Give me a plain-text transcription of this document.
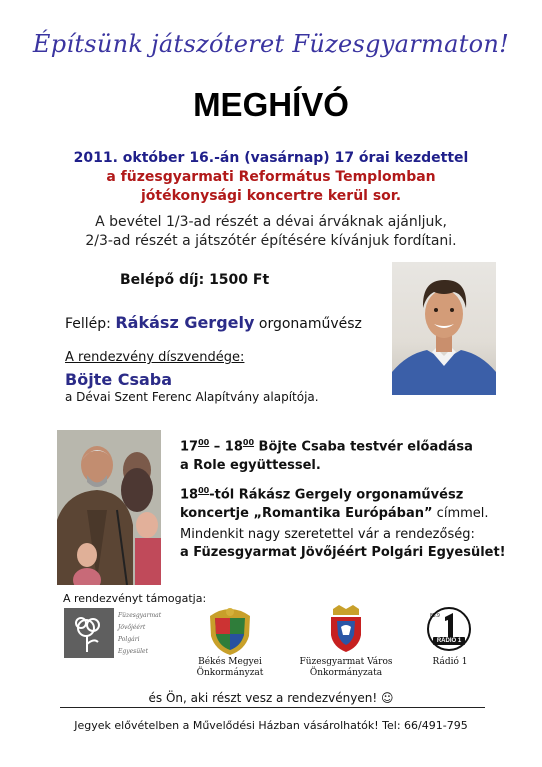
Építsünk játszóteret Füzesgyarmaton!
MEGHÍVÓ
2011. október 16.-án (vasárnap) 17 órai kezdettel
a füzesgyarmati Református Templomban
jótékonysági koncertre kerül sor.
A bevétel 1/3-ad részét a dévai árváknak ajánljuk,
2/3-ad részét a játszótér építésére kívánjuk fordítani.
Belépő díj: 1500 Ft
Fellép: Rákász Gergely orgonaművész
A rendezvény díszvendége:
Böjte Csaba
a Dévai Szent Ferenc Alapítvány alapítója.
$17^{00} - 18^{00}$ Böjte Csaba testvér előadása
a Role együttessel.
$18^{00}$-tól Rákász Gergely orgonaművész
koncertje „Romantika Európában” címmel.
Mindenkit nagy szeretettel vár a rendezőség:
a Füzesgyarmat Jövőjéért Polgári Egyesület!
A rendezvényt támogatja:
Füzesgyarmat
Jövőjéért
Polgári
Egyesület
Békés Megyei
Önkormányzat
Füzesgyarmat Város
Önkormányzata
RÁDIÓ 1
88.9
Rádió 1
és Ön, aki részt vesz a rendezvényen! ☺
Jegyek elővételben a Művelődési Házban vásárolhatók! Tel: 66/491-795
